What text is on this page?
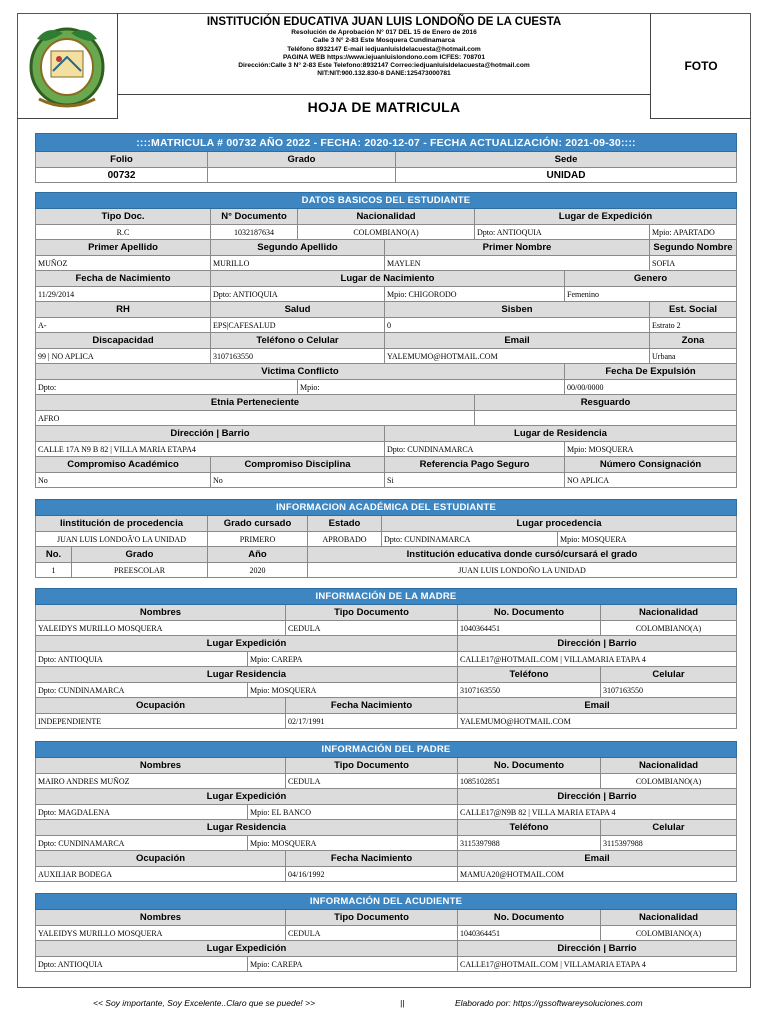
INSTITUCIÓN EDUCATIVA JUAN LUIS LONDOÑO DE LA CUESTA
Resolución de Aprobación N° 017 DEL 15 de Enero de 2016
Calle 3 N° 2-83 Este Mosquera Cundinamarca
Teléfono 8932147 E-mail iedjuanluisldelacuesta@hotmail.com
PAGINA WEB https://www.iejuanluislondono.com ICFES: 708701
Dirección:Calle 3 N° 2-83 Este Telefono:8932147 Correo:iedjuanluisldelacuesta@hotmail.com
NIT:NIT:900.132.830-8 DANE:125473000781
FOTO
HOJA DE MATRICULA
::::MATRICULA # 00732 AÑO 2022 - FECHA: 2020-12-07 - FECHA ACTUALIZACIÓN: 2021-09-30::::		
Folio	Grado	Sede
00732		UNIDAD
DATOS BASICOS DEL ESTUDIANTE						
Tipo Doc.	N° Documento	Nacionalidad		Lugar de Expedición		
R.C	1032187634	COLOMBIANO(A)		Dpto: ANTIOQUIA		Mpio: APARTADO
Primer Apellido	Segundo Apellido		Primer Nombre			Segundo Nombre
MUÑOZ	MURILLO		MAYLEN			SOFIA
Fecha de Nacimiento	Lugar de Nacimiento				Genero	
11/29/2014	Dpto: ANTIOQUIA		Mpio: CHIGORODO		Femenino	
RH	Salud		Sisben			Est. Social
A-	EPS|CAFESALUD		0			Estrato 2
Discapacidad	Teléfono o Celular		Email			Zona
99 | NO APLICA	3107163550		YALEMUMO@HOTMAIL.COM			Urbana
Victima Conflicto					Fecha De Expulsión	
Dpto:		Mpio:			00/00/0000	
Etnia Perteneciente				Resguardo		
AFRO						
Dirección | Barrio			Lugar de Residencia			
CALLE 17A N9 B 82 | VILLA MARIA ETAPA4			Dpto: CUNDINAMARCA		Mpio: MOSQUERA	
Compromiso Académico	Compromiso Disciplina		Referencia Pago Seguro		Número Consignación	
No	No		Si		NO APLICA	
INFORMACION ACADÉMICA DEL ESTUDIANTE					
Iinstitución de procedencia		Grado cursado	Estado	Lugar procedencia	
JUAN LUIS LONDOÃ'O LA UNIDAD		PRIMERO	APROBADO	Dpto: CUNDINAMARCA	Mpio: MOSQUERA
No.	Grado	Año	Institución educativa donde cursó/cursará el grado		
1	PREESCOLAR	2020	JUAN LUIS LONDOÑO LA UNIDAD		
INFORMACIÓN DE LA MADRE				
Nombres		Tipo Documento	No. Documento	Nacionalidad
YALEIDYS MURILLO MOSQUERA		CEDULA	1040364451	COLOMBIANO(A)
Lugar Expedición			Dirección | Barrio	
Dpto: ANTIOQUIA	Mpio: CAREPA		CALLE17@HOTMAIL.COM | VILLAMARIA ETAPA 4	
Lugar Residencia			Teléfono	Celular
Dpto: CUNDINAMARCA	Mpio: MOSQUERA		3107163550	3107163550
Ocupación		Fecha Nacimiento	Email	
INDEPENDIENTE		02/17/1991	YALEMUMO@HOTMAIL.COM	
INFORMACIÓN DEL PADRE				
Nombres		Tipo Documento	No. Documento	Nacionalidad
MAIRO ANDRES MUÑOZ		CEDULA	1085102851	COLOMBIANO(A)
Lugar Expedición			Dirección | Barrio	
Dpto: MAGDALENA	Mpio: EL BANCO		CALLE17@N9B 82 | VILLA MARIA ETAPA 4	
Lugar Residencia			Teléfono	Celular
Dpto: CUNDINAMARCA	Mpio: MOSQUERA		3115397988	3115397988
Ocupación		Fecha Nacimiento	Email	
AUXILIAR BODEGA		04/16/1992	MAMUA20@HOTMAIL.COM	
INFORMACIÓN DEL ACUDIENTE				
Nombres		Tipo Documento	No. Documento	Nacionalidad
YALEIDYS MURILLO MOSQUERA		CEDULA	1040364451	COLOMBIANO(A)
Lugar Expedición			Dirección | Barrio	
Dpto: ANTIOQUIA	Mpio: CAREPA		CALLE17@HOTMAIL.COM | VILLAMARIA ETAPA 4	
<< Soy importante, Soy Excelente..Claro que se puede! >>	||	Elaborado por: https://gssoftwareysoluciones.com
